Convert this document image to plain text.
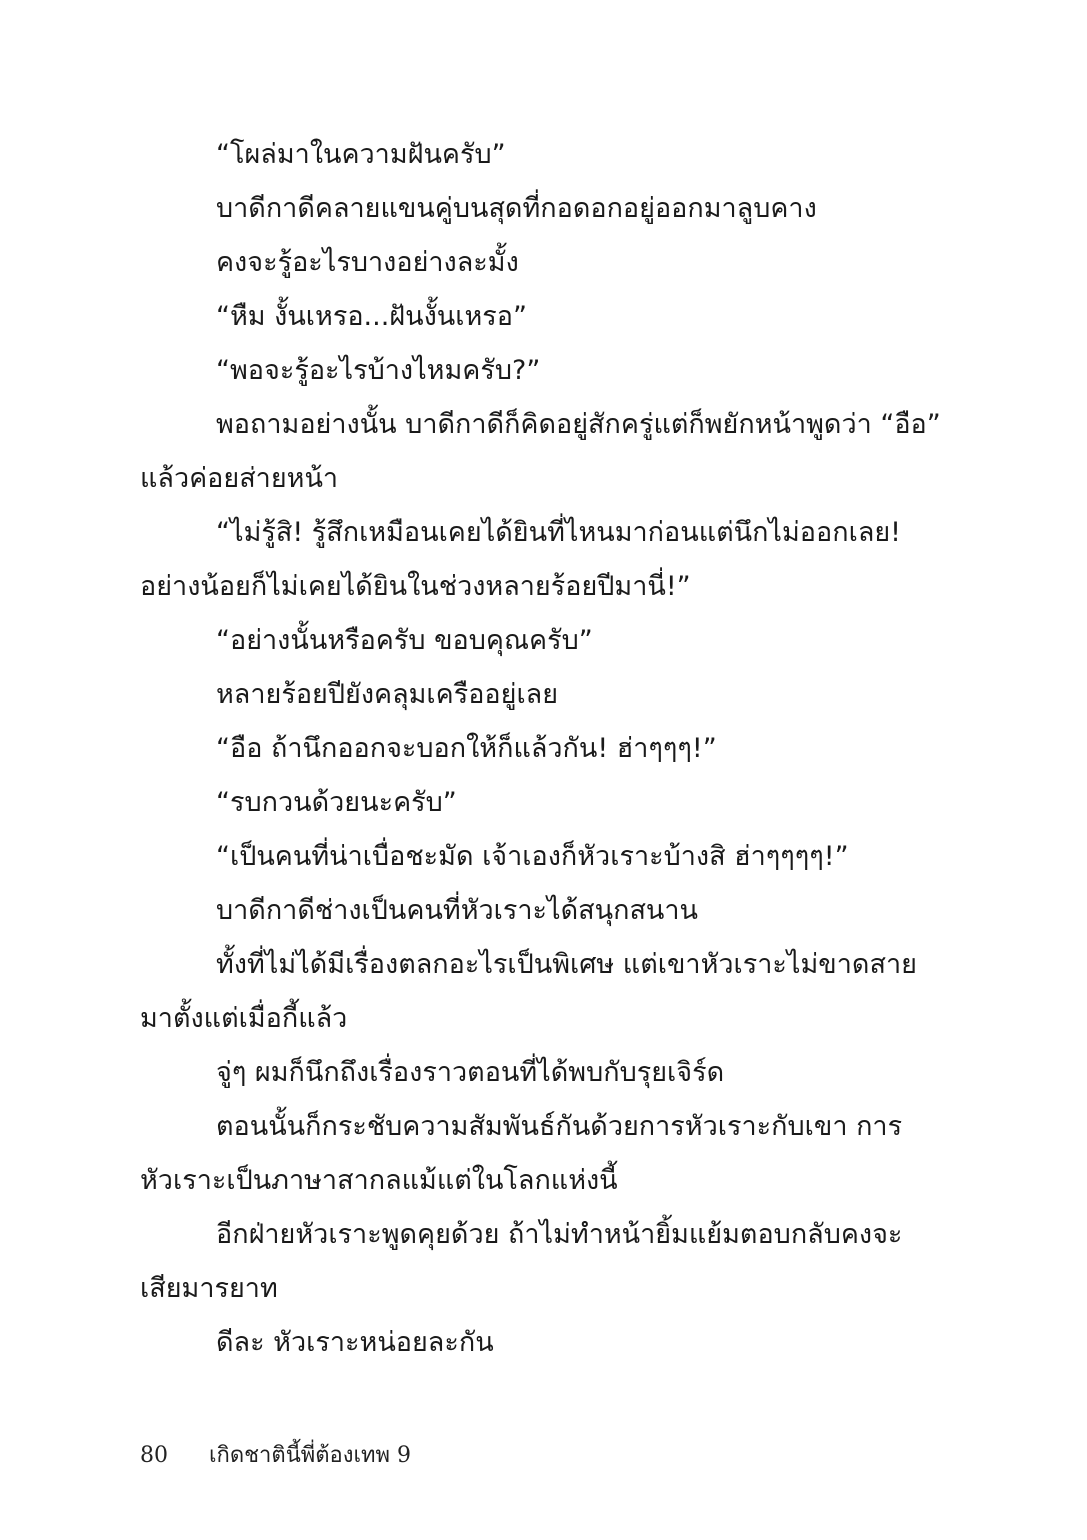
“โผล่มาในความฝันครับ”
บาดีกาดีคลายแขนคู่บนสุดที่กอดอกอยู่ออกมาลูบคาง
คงจะรู้อะไรบางอย่างละมั้ง
“หืม งั้นเหรอ...ฝันงั้นเหรอ”
“พอจะรู้อะไรบ้างไหมครับ?”
พอถามอย่างนั้น บาดีกาดีก็คิดอยู่สักครู่แต่ก็พยักหน้าพูดว่า “อือ”
แล้วค่อยส่ายหน้า
“ไม่รู้สิ! รู้สึกเหมือนเคยได้ยินที่ไหนมาก่อนแต่นึกไม่ออกเลย!
อย่างน้อยก็ไม่เคยได้ยินในช่วงหลายร้อยปีมานี่!”
“อย่างนั้นหรือครับ ขอบคุณครับ”
หลายร้อยปียังคลุมเครืออยู่เลย
“อือ ถ้านึกออกจะบอกให้ก็แล้วกัน! ฮ่าๆๆๆ!”
“รบกวนด้วยนะครับ”
“เป็นคนที่น่าเบื่อชะมัด เจ้าเองก็หัวเราะบ้างสิ ฮ่าๆๆๆๆ!”
บาดีกาดีช่างเป็นคนที่หัวเราะได้สนุกสนาน
ทั้งที่ไม่ได้มีเรื่องตลกอะไรเป็นพิเศษ แต่เขาหัวเราะไม่ขาดสาย
มาตั้งแต่เมื่อกี้แล้ว
จู่ๆ ผมก็นึกถึงเรื่องราวตอนที่ได้พบกับรุยเจิร์ด
ตอนนั้นก็กระชับความสัมพันธ์กันด้วยการหัวเราะกับเขา การ
หัวเราะเป็นภาษาสากลแม้แต่ในโลกแห่งนี้
อีกฝ่ายหัวเราะพูดคุยด้วย ถ้าไม่ทำหน้ายิ้มแย้มตอบกลับคงจะ
เสียมารยาท
ดีละ หัวเราะหน่อยละกัน
80 เกิดชาตินี้พี่ต้องเทพ 9
